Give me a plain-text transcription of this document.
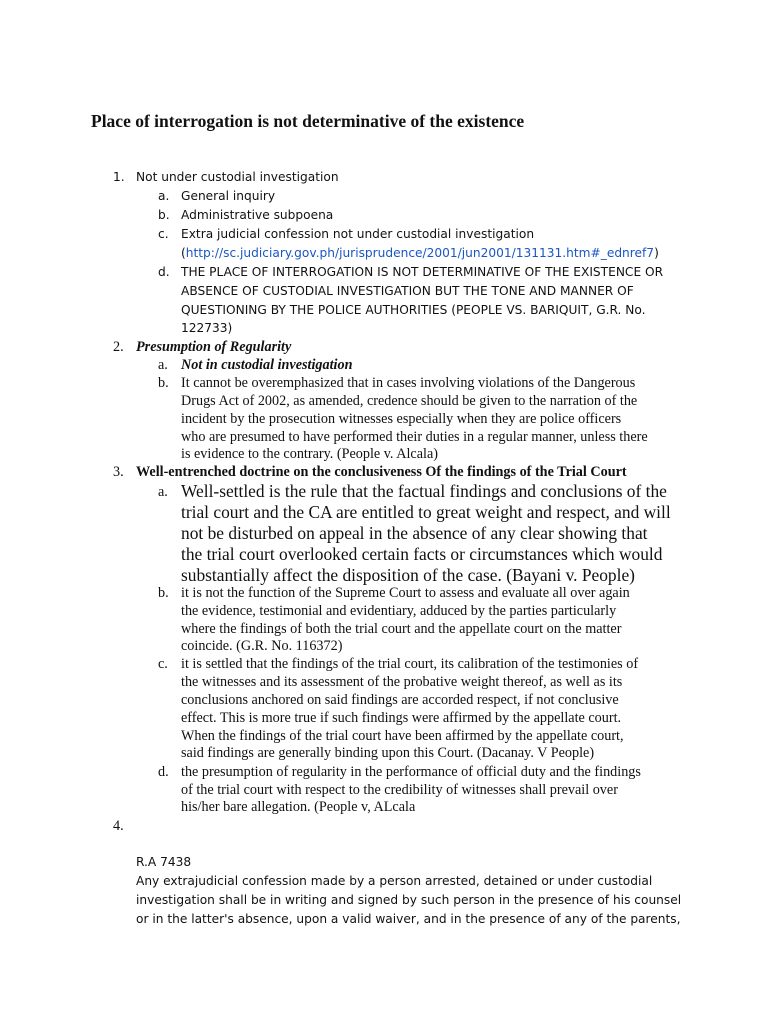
Place of interrogation is not determinative of the existence
1. Not under custodial investigation
a. General inquiry
b. Administrative subpoena
c. Extra judicial confession not under custodial investigation
(http://sc.judiciary.gov.ph/jurisprudence/2001/jun2001/131131.htm#_ednref7)
d. THE PLACE OF INTERROGATION IS NOT DETERMINATIVE OF THE EXISTENCE OR
ABSENCE OF CUSTODIAL INVESTIGATION BUT THE TONE AND MANNER OF
QUESTIONING BY THE POLICE AUTHORITIES (PEOPLE VS. BARIQUIT, G.R. No.
122733)
2. Presumption of Regularity
a. Not in custodial investigation
b. It cannot be overemphasized that in cases involving violations of the Dangerous
Drugs Act of 2002, as amended, credence should be given to the narration of the
incident by the prosecution witnesses especially when they are police officers
who are presumed to have performed their duties in a regular manner, unless there
is evidence to the contrary. (People v. Alcala)
3. Well-entrenched doctrine on the conclusiveness Of the findings of the Trial Court
a. Well-settled is the rule that the factual findings and conclusions of the
trial court and the CA are entitled to great weight and respect, and will
not be disturbed on appeal in the absence of any clear showing that
the trial court overlooked certain facts or circumstances which would
substantially affect the disposition of the case. (Bayani v. People)
b. it is not the function of the Supreme Court to assess and evaluate all over again
the evidence, testimonial and evidentiary, adduced by the parties particularly
where the findings of both the trial court and the appellate court on the matter
coincide. (G.R. No. 116372)
c. it is settled that the findings of the trial court, its calibration of the testimonies of
the witnesses and its assessment of the probative weight thereof, as well as its
conclusions anchored on said findings are accorded respect, if not conclusive
effect. This is more true if such findings were affirmed by the appellate court.
When the findings of the trial court have been affirmed by the appellate court,
said findings are generally binding upon this Court. (Dacanay. V People)
d. the presumption of regularity in the performance of official duty and the findings
of the trial court with respect to the credibility of witnesses shall prevail over
his/her bare allegation. (People v, ALcala
4.
R.A 7438
Any extrajudicial confession made by a person arrested, detained or under custodial
investigation shall be in writing and signed by such person in the presence of his counsel
or in the latter's absence, upon a valid waiver, and in the presence of any of the parents,
